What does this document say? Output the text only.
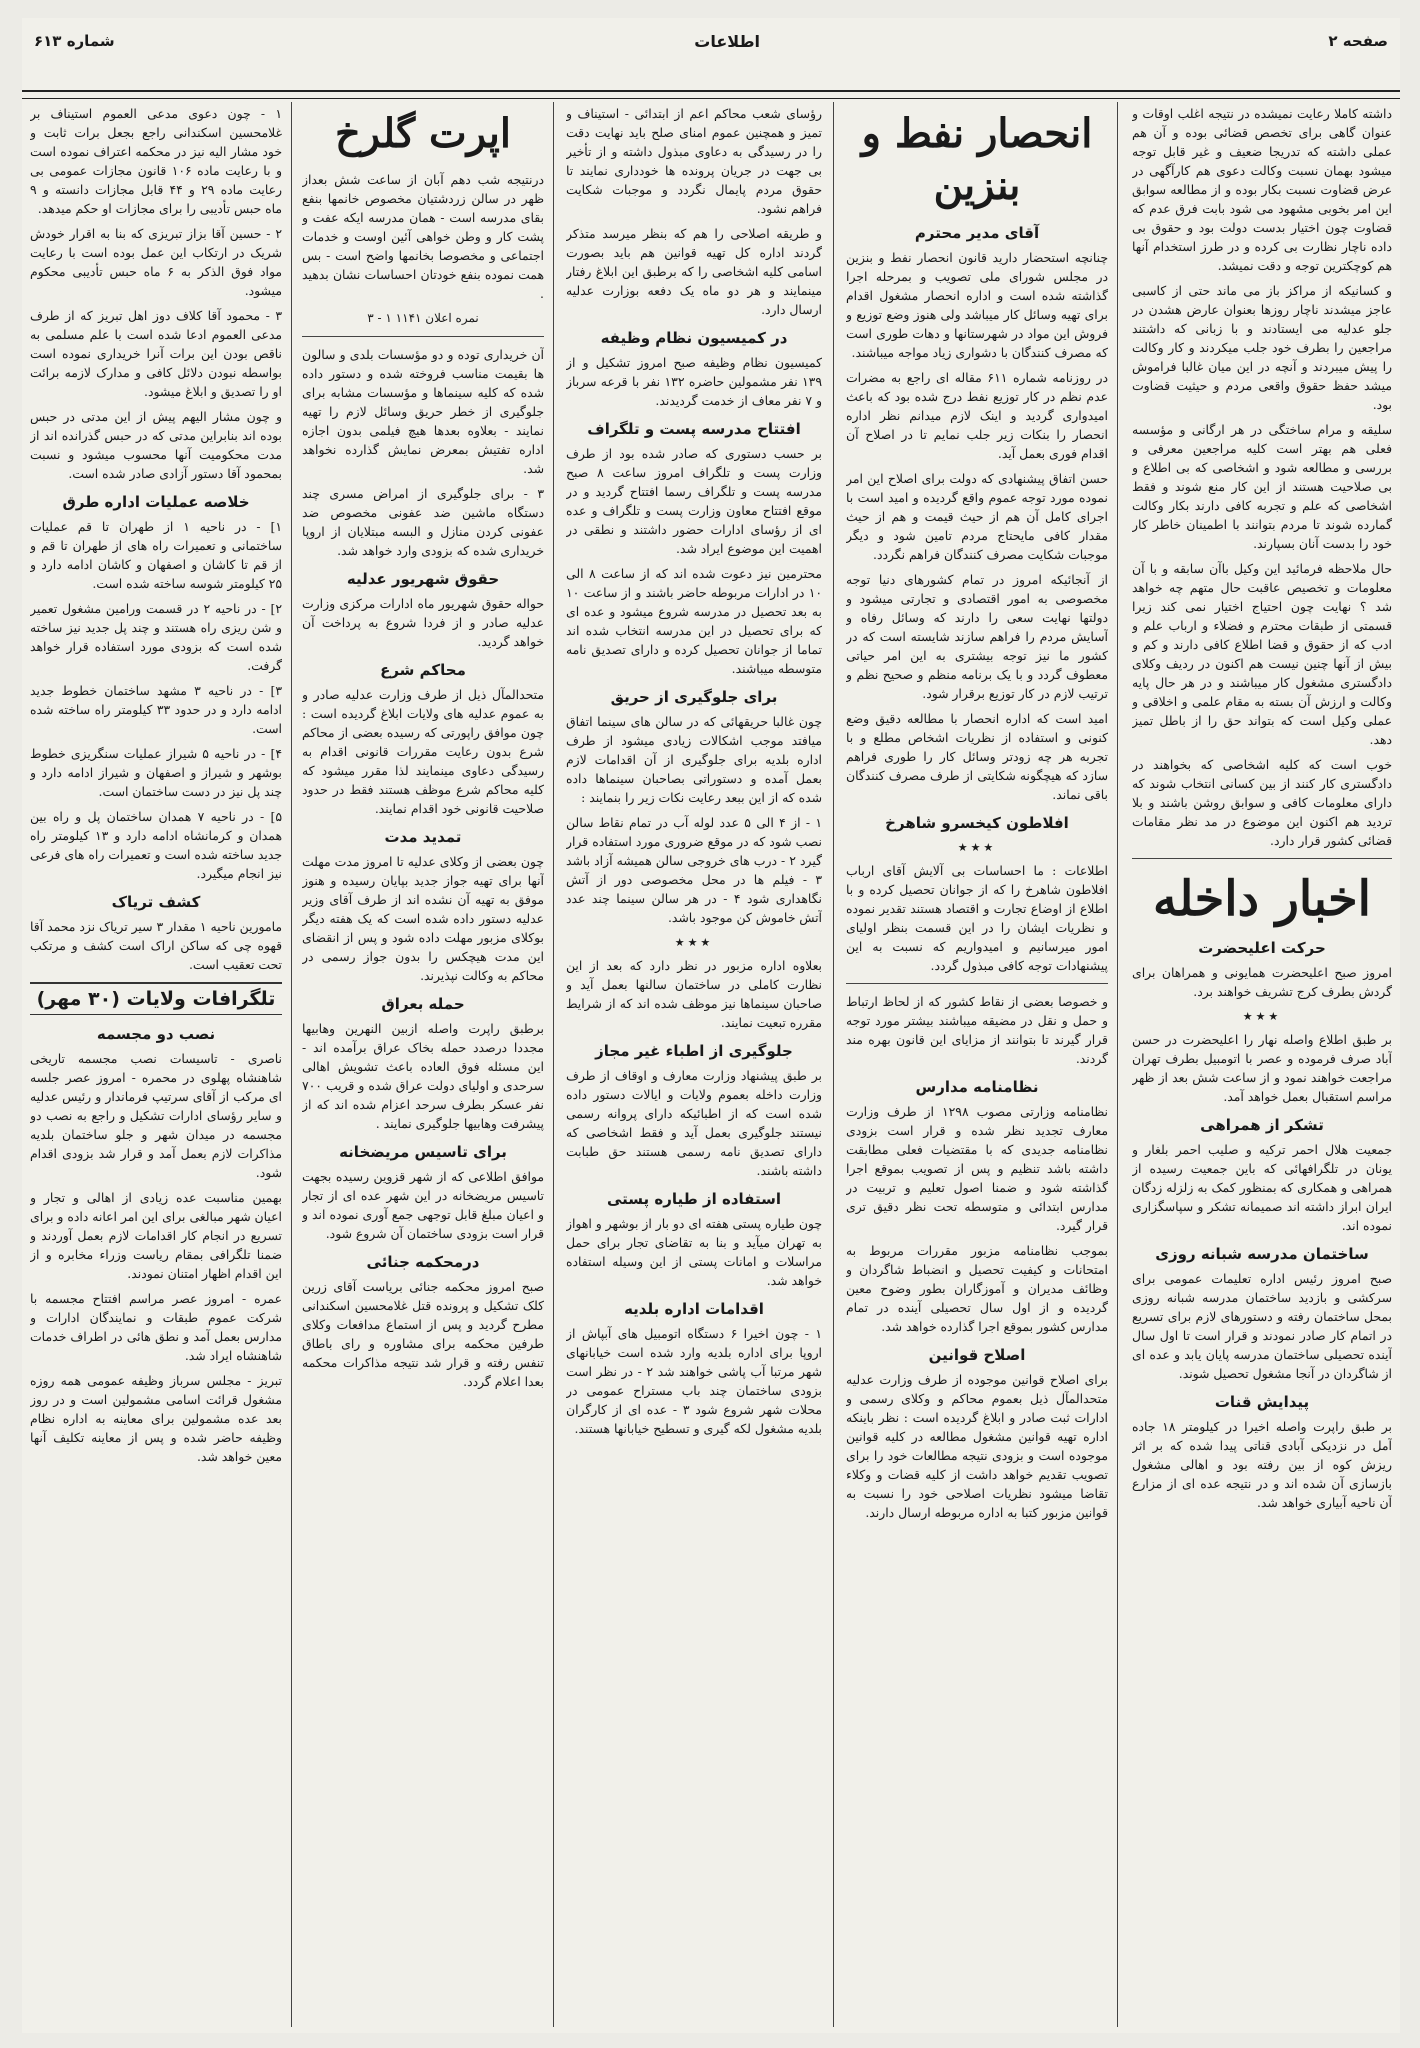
صفحه ۲
اطلاعات
شماره ۶۱۳

داشته کاملا رعایت نمیشده در نتیجه اغلب اوقات و عنوان گاهی برای تخصص قضائی بوده و آن هم عملی داشته که تدریجا ضعیف و غیر قابل توجه میشود بهمان نسبت وکالت دعوی هم کارآگهی در عرض قضاوت نسبت بکار بوده و از مطالعه سوابق این امر بخوبی مشهود می شود بابت فرق عدم که قضاوت چون اختیار بدست دولت بود و حقوق بی داده ناچار نظارت بی کرده و در طرز استخدام آنها هم کوچکترین توجه و دقت نمیشد.

و کسانیکه از مراکز باز می ماند حتی از کاسبی عاجز میشدند ناچار روزها بعنوان عارض هشدن در جلو عدلیه می ایستادند و با زبانی که داشتند مراجعین را بطرف خود جلب میکردند و کار وکالت را پیش میبردند و آنچه در این میان غالبا فراموش میشد حفظ حقوق واقعی مردم و حیثیت قضاوت بود.

سلیقه و مرام ساختگی در هر ارگانی و مؤسسه فعلی هم بهتر است کلیه مراجعین معرفی و بررسی و مطالعه شود و اشخاصی که بی اطلاع و بی صلاحیت هستند از این کار منع شوند و فقط اشخاصی که علم و تجربه کافی دارند بکار وکالت گمارده شوند تا مردم بتوانند با اطمینان خاطر کار خود را بدست آنان بسپارند.

حال ملاحظه فرمائید این وکیل باآن سابقه و با آن معلومات و تخصیص عاقبت حال متهم چه خواهد شد ؟ نهایت چون احتیاج اختیار نمی کند زیرا قسمتی از طبقات محترم و فضلاء و ارباب علم و ادب که از حقوق و قضا اطلاع کافی دارند و کم و بیش از آنها چنین نیست هم اکنون در ردیف وکلای دادگستری مشغول کار میباشند و در هر حال پایه وکالت و ارزش آن بسته به مقام علمی و اخلاقی و عملی وکیل است که بتواند حق را از باطل تمیز دهد.

خوب است که کلیه اشخاصی که بخواهند در دادگستری کار کنند از بین کسانی انتخاب شوند که دارای معلومات کافی و سوابق روشن باشند و بلا تردید هم اکنون این موضوع در مد نظر مقامات قضائی کشور قرار دارد.

اخبار داخله
حرکت اعلیحضرت

امروز صبح اعلیحضرت همایونی و همراهان برای گردش بطرف کرج تشریف خواهند برد.

★★★

بر طبق اطلاع واصله نهار را اعلیحضرت در حسن آباد صرف فرموده و عصر با اتومبیل بطرف تهران مراجعت خواهند نمود و از ساعت شش بعد از ظهر مراسم استقبال بعمل خواهد آمد.

تشکر از همراهی

جمعیت هلال احمر ترکیه و صلیب احمر بلغار و یونان در تلگرافهائی که باین جمعیت رسیده از همراهی و همکاری که بمنظور کمک به زلزله زدگان ایران ابراز داشته اند صمیمانه تشکر و سپاسگزاری نموده اند.

ساختمان مدرسه شبانه روزی

صبح امروز رئیس اداره تعلیمات عمومی برای سرکشی و بازدید ساختمان مدرسه شبانه روزی بمحل ساختمان رفته و دستورهای لازم برای تسریع در اتمام کار صادر نمودند و قرار است تا اول سال آینده تحصیلی ساختمان مدرسه پایان یابد و عده ای از شاگردان در آنجا مشغول تحصیل شوند.

پیدایش قنات

بر طبق راپرت واصله اخیرا در کیلومتر ۱۸ جاده آمل در نزدیکی آبادی قناتی پیدا شده که بر اثر ریزش کوه از بین رفته بود و اهالی مشغول بازسازی آن شده اند و در نتیجه عده ای از مزارع آن ناحیه آبیاری خواهد شد.

انحصار نفط و بنزین
آقای مدیر محترم

چنانچه استحضار دارید قانون انحصار نفط و بنزین در مجلس شورای ملی تصویب و بمرحله اجرا گذاشته شده است و اداره انحصار مشغول اقدام برای تهیه وسائل کار میباشد ولی هنوز وضع توزیع و فروش این مواد در شهرستانها و دهات طوری است که مصرف کنندگان با دشواری زیاد مواجه میباشند.

در روزنامه شماره ۶۱۱ مقاله ای راجع به مضرات عدم نظم در کار توزیع نفط درج شده بود که باعث امیدواری گردید و اینک لازم میدانم نظر اداره انحصار را بنکات زیر جلب نمایم تا در اصلاح آن اقدام فوری بعمل آید.

حسن اتفاق پیشنهادی که دولت برای اصلاح این امر نموده مورد توجه عموم واقع گردیده و امید است با اجرای کامل آن هم از حیث قیمت و هم از حیث مقدار کافی مایحتاج مردم تامین شود و دیگر موجبات شکایت مصرف کنندگان فراهم نگردد.

از آنجائیکه امروز در تمام کشورهای دنیا توجه مخصوصی به امور اقتصادی و تجارتی میشود و دولتها نهایت سعی را دارند که وسائل رفاه و آسایش مردم را فراهم سازند شایسته است که در کشور ما نیز توجه بیشتری به این امر حیاتی معطوف گردد و با یک برنامه منظم و صحیح نظم و ترتیب لازم در کار توزیع برقرار شود.

امید است که اداره انحصار با مطالعه دقیق وضع کنونی و استفاده از نظریات اشخاص مطلع و با تجربه هر چه زودتر وسائل کار را طوری فراهم سازد که هیچگونه شکایتی از طرف مصرف کنندگان باقی نماند.

افلاطون کیخسرو شاهرخ
★★★

اطلاعات : ما احساسات بی آلایش آقای ارباب افلاطون شاهرخ را که از جوانان تحصیل کرده و با اطلاع از اوضاع تجارت و اقتصاد هستند تقدیر نموده و نظریات ایشان را در این قسمت بنظر اولیای امور میرسانیم و امیدواریم که نسبت به این پیشنهادات توجه کافی مبذول گردد.

و خصوصا بعضی از نقاط کشور که از لحاظ ارتباط و حمل و نقل در مضیقه میباشند بیشتر مورد توجه قرار گیرند تا بتوانند از مزایای این قانون بهره مند گردند.

نظامنامه مدارس

نظامنامه وزارتی مصوب ۱۲۹۸ از طرف وزارت معارف تجدید نظر شده و قرار است بزودی نظامنامه جدیدی که با مقتضیات فعلی مطابقت داشته باشد تنظیم و پس از تصویب بموقع اجرا گذاشته شود و ضمنا اصول تعلیم و تربیت در مدارس ابتدائی و متوسطه تحت نظر دقیق تری قرار گیرد.

بموجب نظامنامه مزبور مقررات مربوط به امتحانات و کیفیت تحصیل و انضباط شاگردان و وظائف مدیران و آموزگاران بطور وضوح معین گردیده و از اول سال تحصیلی آینده در تمام مدارس کشور بموقع اجرا گذارده خواهد شد.

اصلاح قوانین

برای اصلاح قوانین موجوده از طرف وزارت عدلیه متحدالمآل ذیل بعموم محاکم و وکلای رسمی و ادارات ثبت صادر و ابلاغ گردیده است : نظر باینکه اداره تهیه قوانین مشغول مطالعه در کلیه قوانین موجوده است و بزودی نتیجه مطالعات خود را برای تصویب تقدیم خواهد داشت از کلیه قضات و وکلاء تقاضا میشود نظریات اصلاحی خود را نسبت به قوانین مزبور کتبا به اداره مربوطه ارسال دارند.

رؤسای شعب محاکم اعم از ابتدائی - استیناف و تمیز و همچنین عموم امنای صلح باید نهایت دقت را در رسیدگی به دعاوی مبذول داشته و از تأخیر بی جهت در جریان پرونده ها خودداری نمایند تا حقوق مردم پایمال نگردد و موجبات شکایت فراهم نشود.

و طریقه اصلاحی را هم که بنظر میرسد متذکر گردند اداره کل تهیه قوانین هم باید بصورت اسامی کلیه اشخاصی را که برطبق این ابلاغ رفتار مینمایند و هر دو ماه یک دفعه بوزارت عدلیه ارسال دارد.

در کمیسیون نظام وظیفه

کمیسیون نظام وظیفه صبح امروز تشکیل و از ۱۳۹ نفر مشمولین حاضره ۱۳۲ نفر با قرعه سرباز و ۷ نفر معاف از خدمت گردیدند.

افتتاح مدرسه پست و تلگراف

بر حسب دستوری که صادر شده بود از طرف وزارت پست و تلگراف امروز ساعت ۸ صبح مدرسه پست و تلگراف رسما افتتاح گردید و در موقع افتتاح معاون وزارت پست و تلگراف و عده ای از رؤسای ادارات حضور داشتند و نطقی در اهمیت این موضوع ایراد شد.

محترمین نیز دعوت شده اند که از ساعت ۸ الی ۱۰ در ادارات مربوطه حاضر باشند و از ساعت ۱۰ به بعد تحصیل در مدرسه شروع میشود و عده ای که برای تحصیل در این مدرسه انتخاب شده اند تماما از جوانان تحصیل کرده و دارای تصدیق نامه متوسطه میباشند.

برای جلوگیری از حریق

چون غالبا حریقهائی که در سالن های سینما اتفاق میافتد موجب اشکالات زیادی میشود از طرف اداره بلدیه برای جلوگیری از آن اقدامات لازم بعمل آمده و دستوراتی بصاحبان سینماها داده شده که از این ببعد رعایت نکات زیر را بنمایند :

۱ - از ۴ الی ۵ عدد لوله آب در تمام نقاط سالن نصب شود که در موقع ضروری مورد استفاده قرار گیرد ۲ - درب های خروجی سالن همیشه آزاد باشد ۳ - فیلم ها در محل مخصوصی دور از آتش نگاهداری شود ۴ - در هر سالن سینما چند عدد آتش خاموش کن موجود باشد.

★★★

بعلاوه اداره مزبور در نظر دارد که بعد از این نظارت کاملی در ساختمان سالنها بعمل آید و صاحبان سینماها نیز موظف شده اند که از شرایط مقرره تبعیت نمایند.

جلوگیری از اطباء غیر مجاز

بر طبق پیشنهاد وزارت معارف و اوقاف از طرف وزارت داخله بعموم ولایات و ایالات دستور داده شده است که از اطبائیکه دارای پروانه رسمی نیستند جلوگیری بعمل آید و فقط اشخاصی که دارای تصدیق نامه رسمی هستند حق طبابت داشته باشند.

استفاده از طیاره پستی

چون طیاره پستی هفته ای دو بار از بوشهر و اهواز به تهران میآید و بنا به تقاضای تجار برای حمل مراسلات و امانات پستی از این وسیله استفاده خواهد شد.

اقدامات اداره بلدیه

۱ - چون اخیرا ۶ دستگاه اتومبیل های آبپاش از اروپا برای اداره بلدیه وارد شده است خیابانهای شهر مرتبا آب پاشی خواهند شد ۲ - در نظر است بزودی ساختمان چند باب مستراح عمومی در محلات شهر شروع شود ۳ - عده ای از کارگران بلدیه مشغول لکه گیری و تسطیح خیابانها هستند.

اپرت گلرخ

درنتیجه شب دهم آبان از ساعت شش بعداز ظهر در سالن زردشتیان مخصوص خانمها بنفع بقای مدرسه است - همان مدرسه ایکه عفت و پشت کار و وطن خواهی آئین اوست و خدمات اجتماعی و مخصوصا بخانمها واضح است - بس همت نموده بنفع خودتان احساسات نشان بدهید .

نمره اعلان ۱۱۴۱ ۱ - ۳

آن خریداری توده و دو مؤسسات بلدی و سالون ها بقیمت مناسب فروخته شده و دستور داده شده که کلیه سینماها و مؤسسات مشابه برای جلوگیری از خطر حریق وسائل لازم را تهیه نمایند - بعلاوه بعدها هیچ فیلمی بدون اجازه اداره تفتیش بمعرض نمایش گذارده نخواهد شد.

۳ - برای جلوگیری از امراض مسری چند دستگاه ماشین ضد عفونی مخصوص ضد عفونی کردن منازل و البسه مبتلایان از اروپا خریداری شده که بزودی وارد خواهد شد.

حقوق شهریور عدلیه

حواله حقوق شهریور ماه ادارات مرکزی وزارت عدلیه صادر و از فردا شروع به پرداخت آن خواهد گردید.

محاکم شرع

متحدالمآل ذیل از طرف وزارت عدلیه صادر و به عموم عدلیه های ولایات ابلاغ گردیده است : چون موافق راپورتی که رسیده بعضی از محاکم شرع بدون رعایت مقررات قانونی اقدام به رسیدگی دعاوی مینمایند لذا مقرر میشود که کلیه محاکم شرع موظف هستند فقط در حدود صلاحیت قانونی خود اقدام نمایند.

تمدید مدت

چون بعضی از وکلای عدلیه تا امروز مدت مهلت آنها برای تهیه جواز جدید بپایان رسیده و هنوز موفق به تهیه آن نشده اند از طرف آقای وزیر عدلیه دستور داده شده است که یک هفته دیگر بوکلای مزبور مهلت داده شود و پس از انقضای این مدت هیچکس را بدون جواز رسمی در محاکم به وکالت نپذیرند.

حمله بعراق

برطبق راپرت واصله ازبین النهرین وهابیها مجددا درصدد حمله بخاک عراق برآمده اند - این مسئله فوق العاده باعث تشویش اهالی سرحدی و اولیای دولت عراق شده و قریب ۷۰۰ نفر عسکر بطرف سرحد اعزام شده اند که از پیشرفت وهابیها جلوگیری نمایند .

برای تاسیس مریضخانه

موافق اطلاعی که از شهر قزوین رسیده بجهت تاسیس مریضخانه در این شهر عده ای از تجار و اعیان مبلغ قابل توجهی جمع آوری نموده اند و قرار است بزودی ساختمان آن شروع شود.

درمحکمه جنائی

صبح امروز محکمه جنائی بریاست آقای زرین کلک تشکیل و پرونده قتل غلامحسین اسکندانی مطرح گردید و پس از استماع مدافعات وکلای طرفین محکمه برای مشاوره و رای باطاق تنفس رفته و قرار شد نتیجه مذاکرات محکمه بعدا اعلام گردد.

۱ - چون دعوی مدعی العموم استیناف بر غلامحسین اسکندانی راجع بجعل برات ثابت و خود مشار الیه نیز در محکمه اعتراف نموده است و با رعایت ماده ۱۰۶ قانون مجازات عمومی بی رعایت ماده ۲۹ و ۴۴ قابل مجازات دانسته و ۹ ماه حبس تأدیبی را برای مجازات او حکم میدهد.

۲ - حسین آقا بزاز تبریزی که بنا به اقرار خودش شریک در ارتکاب این عمل بوده است با رعایت مواد فوق الذکر به ۶ ماه حبس تأدیبی محکوم میشود.

۳ - محمود آقا کلاف دوز اهل تبریز که از طرف مدعی العموم ادعا شده است با علم مسلمی به ناقص بودن این برات آنرا خریداری نموده است بواسطه نبودن دلائل کافی و مدارک لازمه برائت او را تصدیق و ابلاغ میشود.

و چون مشار الیهم پیش از این مدتی در حبس بوده اند بنابراین مدتی که در حبس گذرانده اند از مدت محکومیت آنها محسوب میشود و نسبت بمحمود آقا دستور آزادی صادر شده است.

خلاصه عملیات اداره طرق

۱] - در ناحیه ۱ از طهران تا قم عملیات ساختمانی و تعمیرات راه های از طهران تا قم و از قم تا کاشان و اصفهان و کاشان ادامه دارد و ۲۵ کیلومتر شوسه ساخته شده است.

۲] - در ناحیه ۲ در قسمت ورامین مشغول تعمیر و شن ریزی راه هستند و چند پل جدید نیز ساخته شده است که بزودی مورد استفاده قرار خواهد گرفت.

۳] - در ناحیه ۳ مشهد ساختمان خطوط جدید ادامه دارد و در حدود ۳۳ کیلومتر راه ساخته شده است.

۴] - در ناحیه ۵ شیراز عملیات سنگریزی خطوط بوشهر و شیراز و اصفهان و شیراز ادامه دارد و چند پل نیز در دست ساختمان است.

۵] - در ناحیه ۷ همدان ساختمان پل و راه بین همدان و کرمانشاه ادامه دارد و ۱۳ کیلومتر راه جدید ساخته شده است و تعمیرات راه های فرعی نیز انجام میگیرد.

کشف تریاک

مامورین ناحیه ۱ مقدار ۳ سیر تریاک نزد محمد آقا قهوه چی که ساکن اراک است کشف و مرتکب تحت تعقیب است.

تلگرافات ولایات (۳۰ مهر)
نصب دو مجسمه

ناصری - تاسیسات نصب مجسمه تاریخی شاهنشاه پهلوی در محمره - امروز عصر جلسه ای مرکب از آقای سرتیپ فرماندار و رئیس عدلیه و سایر رؤسای ادارات تشکیل و راجع به نصب دو مجسمه در میدان شهر و جلو ساختمان بلدیه مذاکرات لازم بعمل آمد و قرار شد بزودی اقدام شود.

بهمین مناسبت عده زیادی از اهالی و تجار و اعیان شهر مبالغی برای این امر اعانه داده و برای تسریع در انجام کار اقدامات لازم بعمل آوردند و ضمنا تلگرافی بمقام ریاست وزراء مخابره و از این اقدام اظهار امتنان نمودند.

عمره - امروز عصر مراسم افتتاح مجسمه با شرکت عموم طبقات و نمایندگان ادارات و مدارس بعمل آمد و نطق هائی در اطراف خدمات شاهنشاه ایراد شد.

تبریز - مجلس سرباز وظیفه عمومی همه روزه مشغول قرائت اسامی مشمولین است و در روز بعد عده مشمولین برای معاینه به اداره نظام وظیفه حاضر شده و پس از معاینه تکلیف آنها معین خواهد شد.
